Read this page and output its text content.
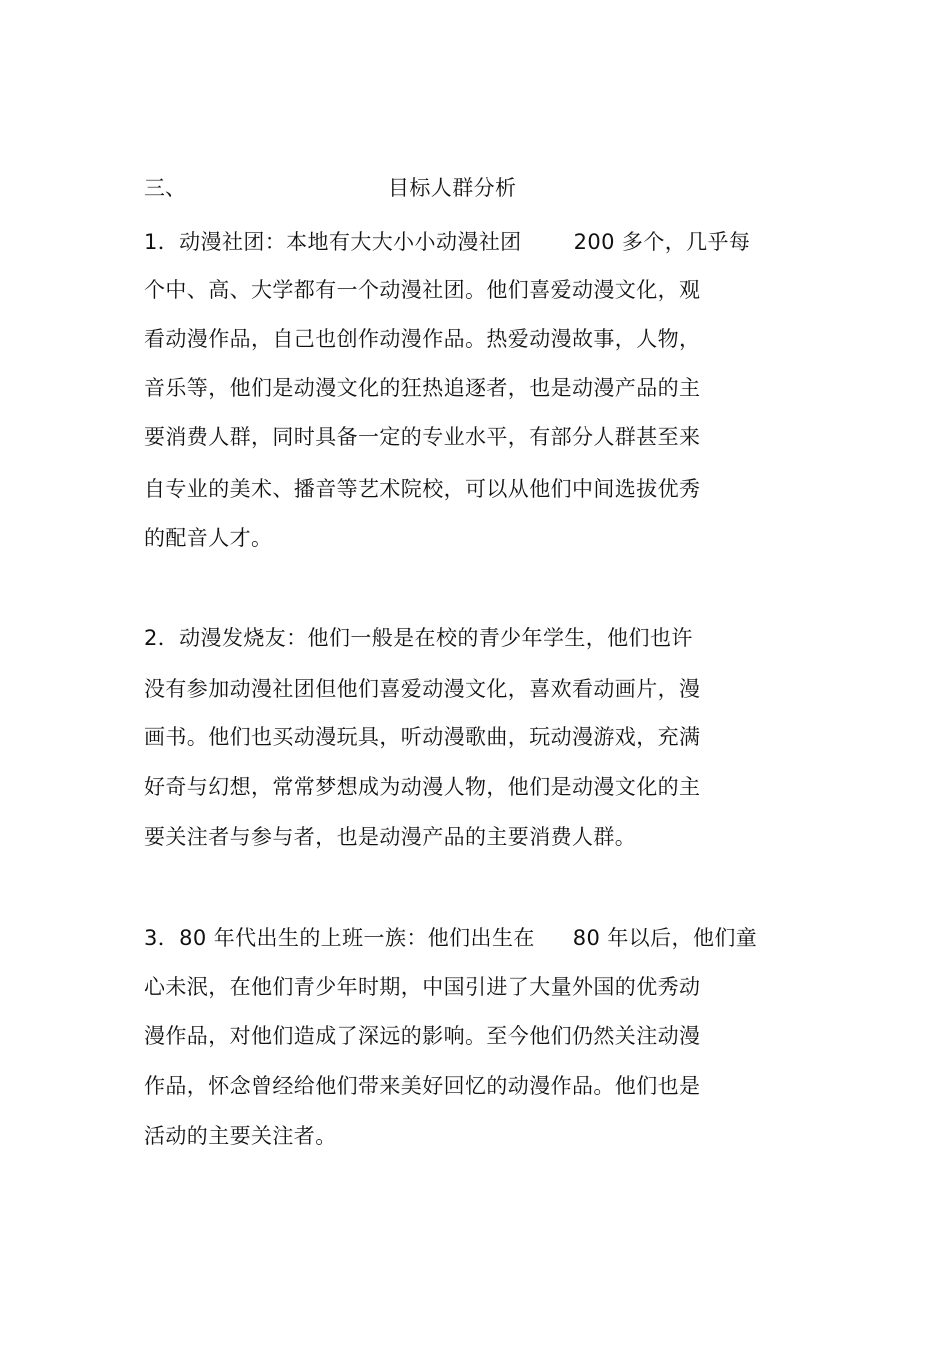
三、	目标人群分析
1．动漫社团：本地有大大小小动漫社团 200 多个，几乎每
个中、高、大学都有一个动漫社团。他们喜爱动漫文化，观
看动漫作品，自己也创作动漫作品。热爱动漫故事，人物，
音乐等，他们是动漫文化的狂热追逐者，也是动漫产品的主
要消费人群，同时具备一定的专业水平，有部分人群甚至来
自专业的美术、播音等艺术院校，可以从他们中间选拔优秀
的配音人才。
2．动漫发烧友：他们一般是在校的青少年学生，他们也许
没有参加动漫社团但他们喜爱动漫文化，喜欢看动画片，漫
画书。他们也买动漫玩具，听动漫歌曲，玩动漫游戏，充满
好奇与幻想，常常梦想成为动漫人物，他们是动漫文化的主
要关注者与参与者，也是动漫产品的主要消费人群。
3．80 年代出生的上班一族：他们出生在 80 年以后，他们童
心未泯，在他们青少年时期，中国引进了大量外国的优秀动
漫作品，对他们造成了深远的影响。至今他们仍然关注动漫
作品，怀念曾经给他们带来美好回忆的动漫作品。他们也是
活动的主要关注者。
